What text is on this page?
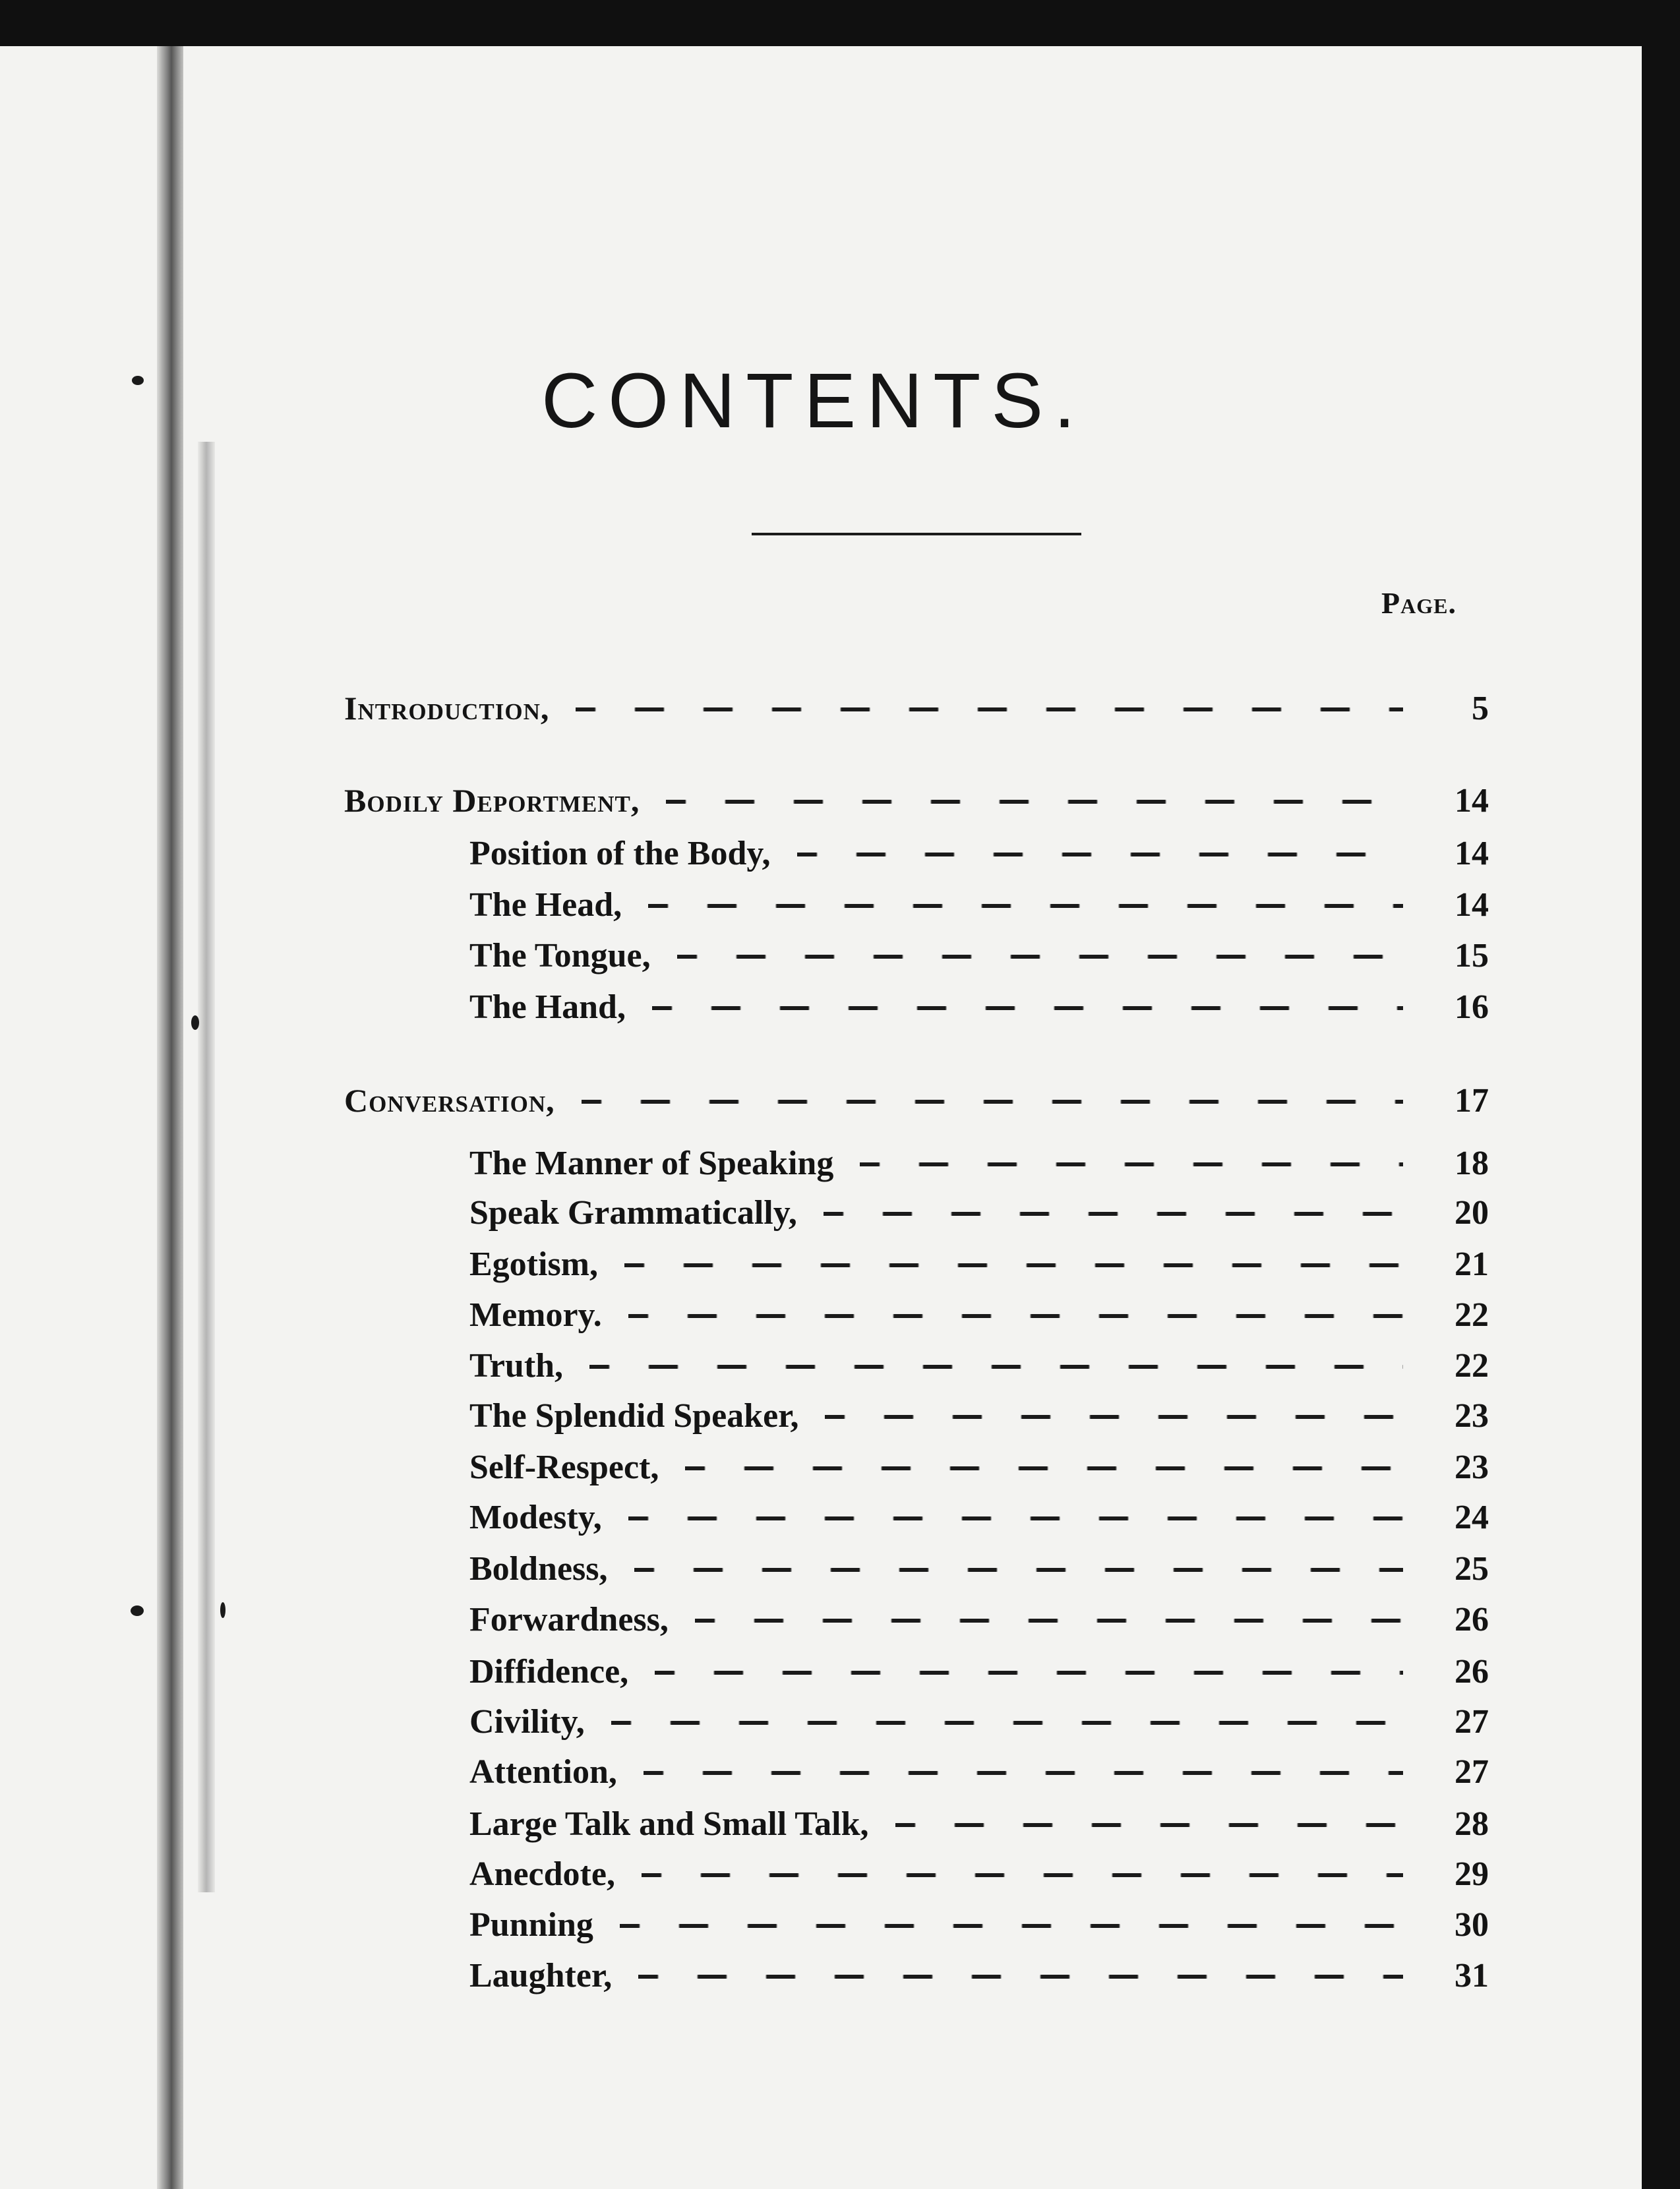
CONTENTS.
Page.
Introduction,	5
Bodily Deportment,	14
Position of the Body,	14
The Head,	14
The Tongue,	15
The Hand,	16
Conversation,	17
The Manner of Speaking	18
Speak Grammatically,	20
Egotism,	21
Memory.	22
Truth,	22
The Splendid Speaker,	23
Self-Respect,	23
Modesty,	24
Boldness,	25
Forwardness,	26
Diffidence,	26
Civility,	27
Attention,	27
Large Talk and Small Talk,	28
Anecdote,	29
Punning	30
Laughter,	31
